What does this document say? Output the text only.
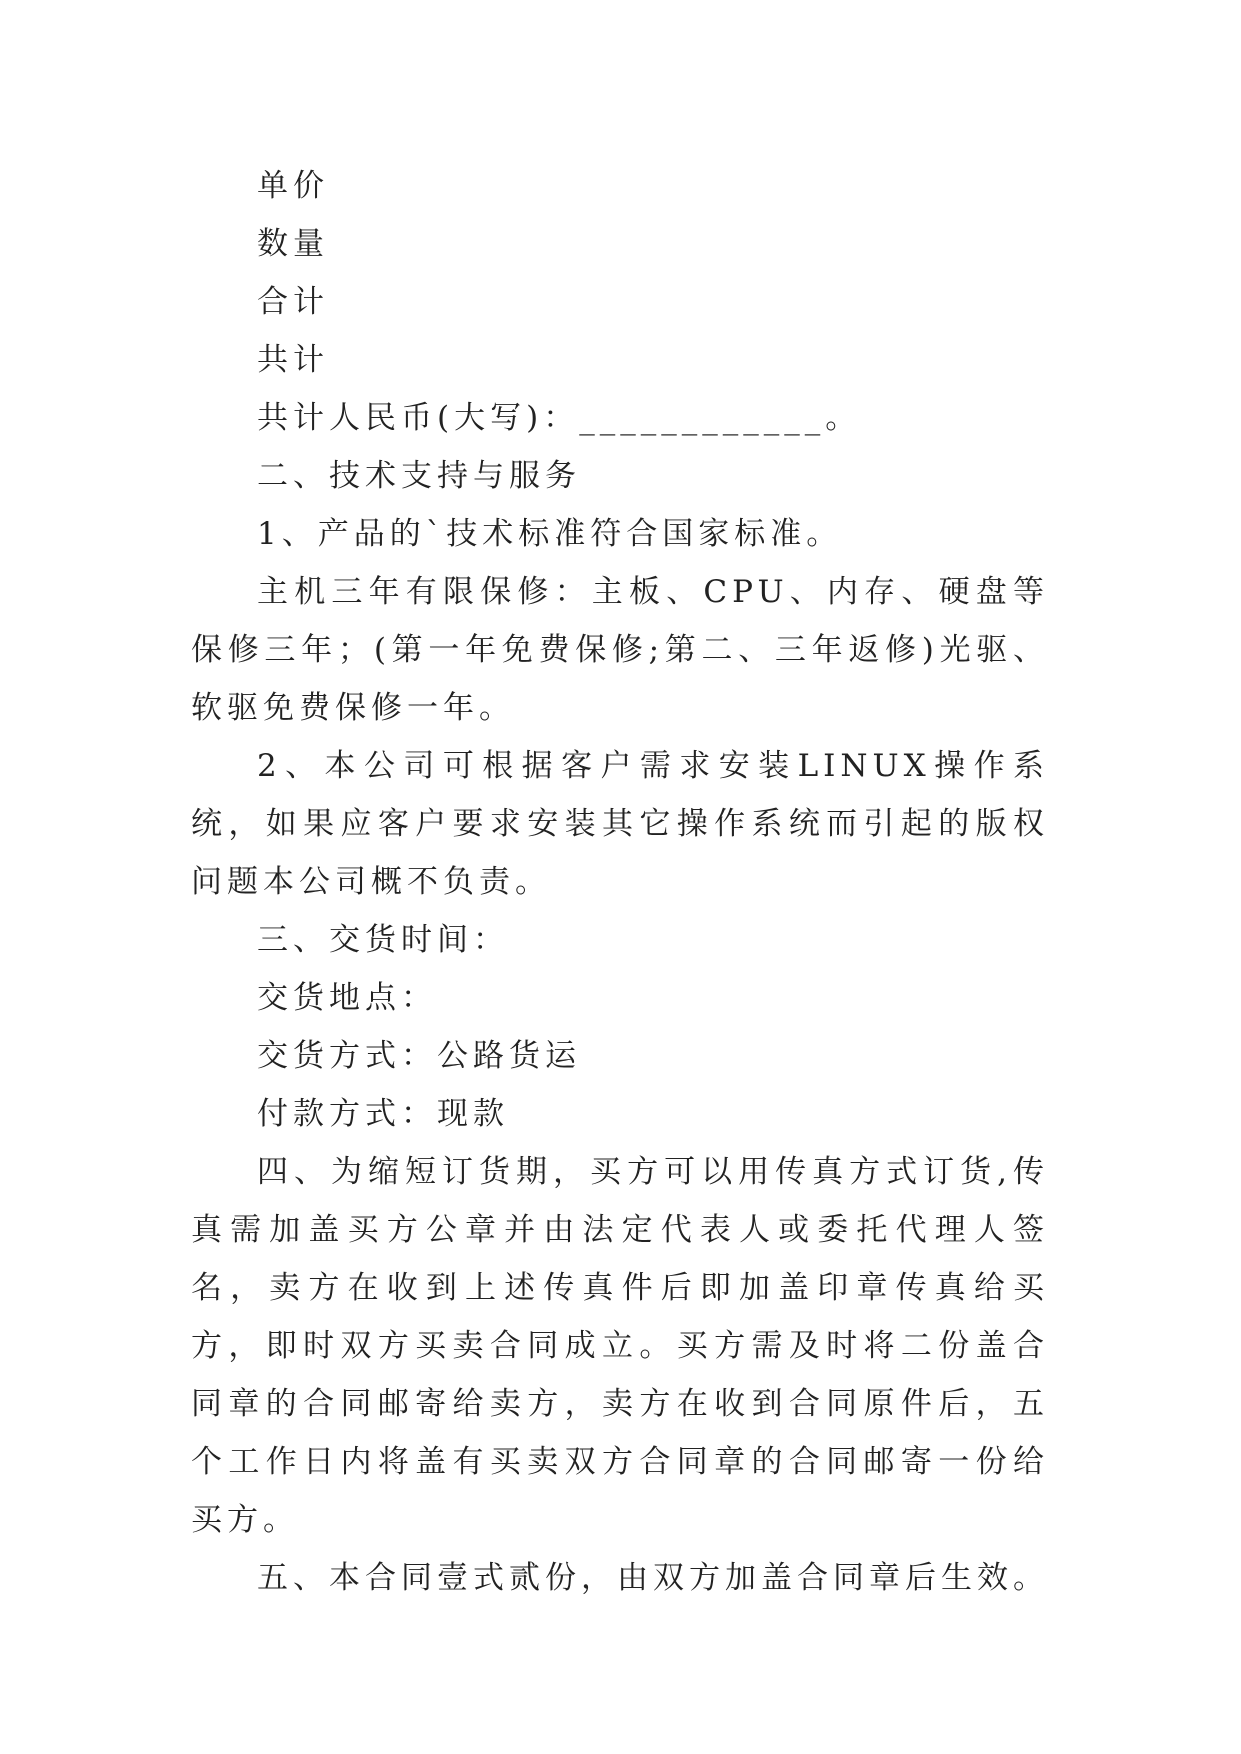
单价

数量

合计

共计

共计人民币(大写)：____________。

二、技术支持与服务

1、产品的`技术标准符合国家标准。

主机三年有限保修：主板、CPU、内存、硬盘等保修三年；(第一年免费保修;第二、三年返修)光驱、软驱免费保修一年。

2、本公司可根据客户需求安装LINUX操作系统，如果应客户要求安装其它操作系统而引起的版权问题本公司概不负责。

三、交货时间：

交货地点：

交货方式：公路货运

付款方式：现款

四、为缩短订货期，买方可以用传真方式订货,传真需加盖买方公章并由法定代表人或委托代理人签名，卖方在收到上述传真件后即加盖印章传真给买方，即时双方买卖合同成立。买方需及时将二份盖合同章的合同邮寄给卖方，卖方在收到合同原件后，五个工作日内将盖有买卖双方合同章的合同邮寄一份给买方。

五、本合同壹式贰份，由双方加盖合同章后生效。
